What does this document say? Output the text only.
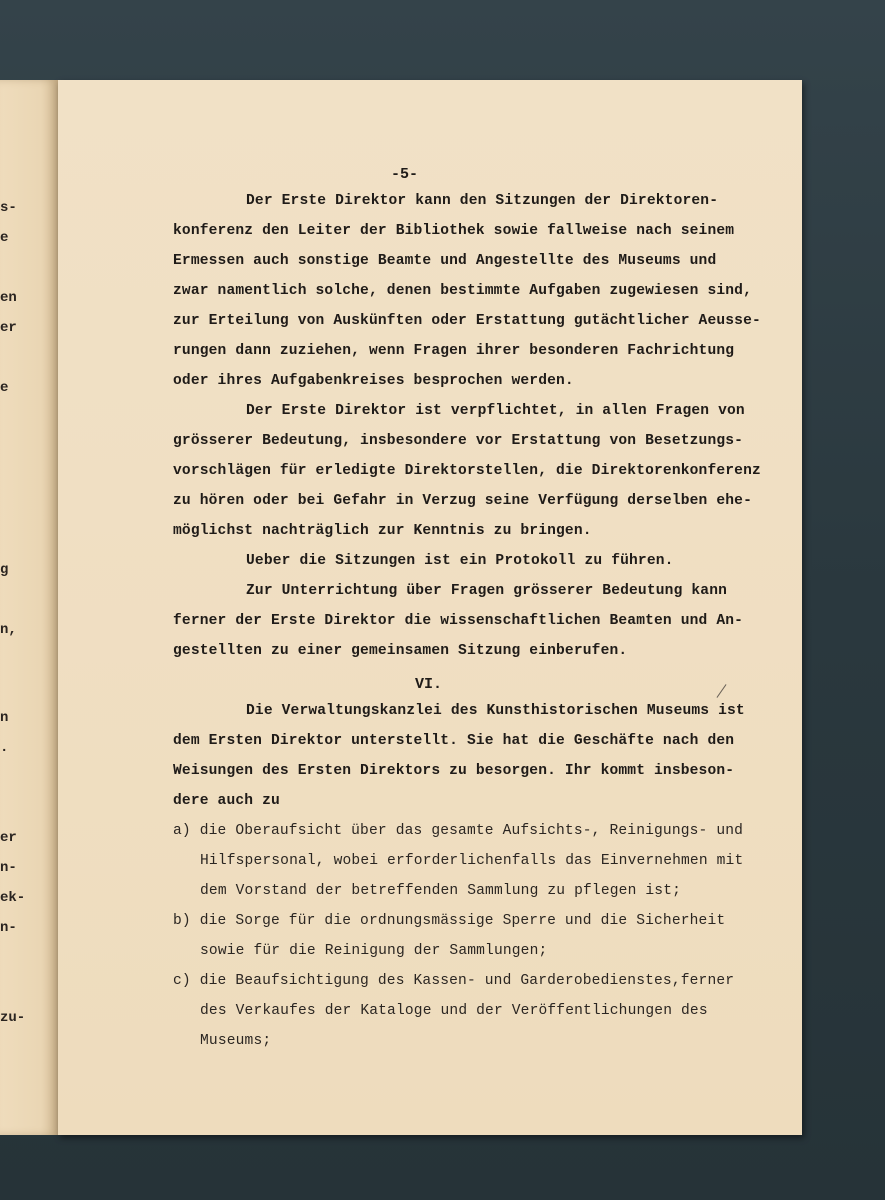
s-
e
en
er
e
g
n,
n
.
er
n-
ek-
n-
zu-
-5-
Der Erste Direktor kann den Sitzungen der Direktoren-
konferenz den Leiter der Bibliothek sowie fallweise nach seinem
Ermessen auch sonstige Beamte und Angestellte des Museums und
zwar namentlich solche, denen bestimmte Aufgaben zugewiesen sind,
zur Erteilung von Auskünften oder Erstattung gutächtlicher Aeusse-
rungen dann zuziehen, wenn Fragen ihrer besonderen Fachrichtung
oder ihres Aufgabenkreises besprochen werden.
Der Erste Direktor ist verpflichtet, in allen Fragen von
grösserer Bedeutung, insbesondere vor Erstattung von Besetzungs-
vorschlägen für erledigte Direktorstellen, die Direktorenkonferenz
zu hören oder bei Gefahr in Verzug seine Verfügung derselben ehe-
möglichst nachträglich zur Kenntnis zu bringen.
Ueber die Sitzungen ist ein Protokoll zu führen.
Zur Unterrichtung über Fragen grösserer Bedeutung kann
ferner der Erste Direktor die wissenschaftlichen Beamten und An-
gestellten zu einer gemeinsamen Sitzung einberufen.
VI.
Die Verwaltungskanzlei des Kunsthistorischen Museums ist
dem Ersten Direktor unterstellt. Sie hat die Geschäfte nach den
Weisungen des Ersten Direktors zu besorgen. Ihr kommt insbeson-
dere auch zu
a) die Oberaufsicht über das gesamte Aufsichts-, Reinigungs- und
Hilfspersonal, wobei erforderlichenfalls das Einvernehmen mit
dem Vorstand der betreffenden Sammlung zu pflegen ist;
b) die Sorge für die ordnungsmässige Sperre und die Sicherheit
sowie für die Reinigung der Sammlungen;
c) die Beaufsichtigung des Kassen- und Garderobedienstes,ferner
des Verkaufes der Kataloge und der Veröffentlichungen des
Museums;
